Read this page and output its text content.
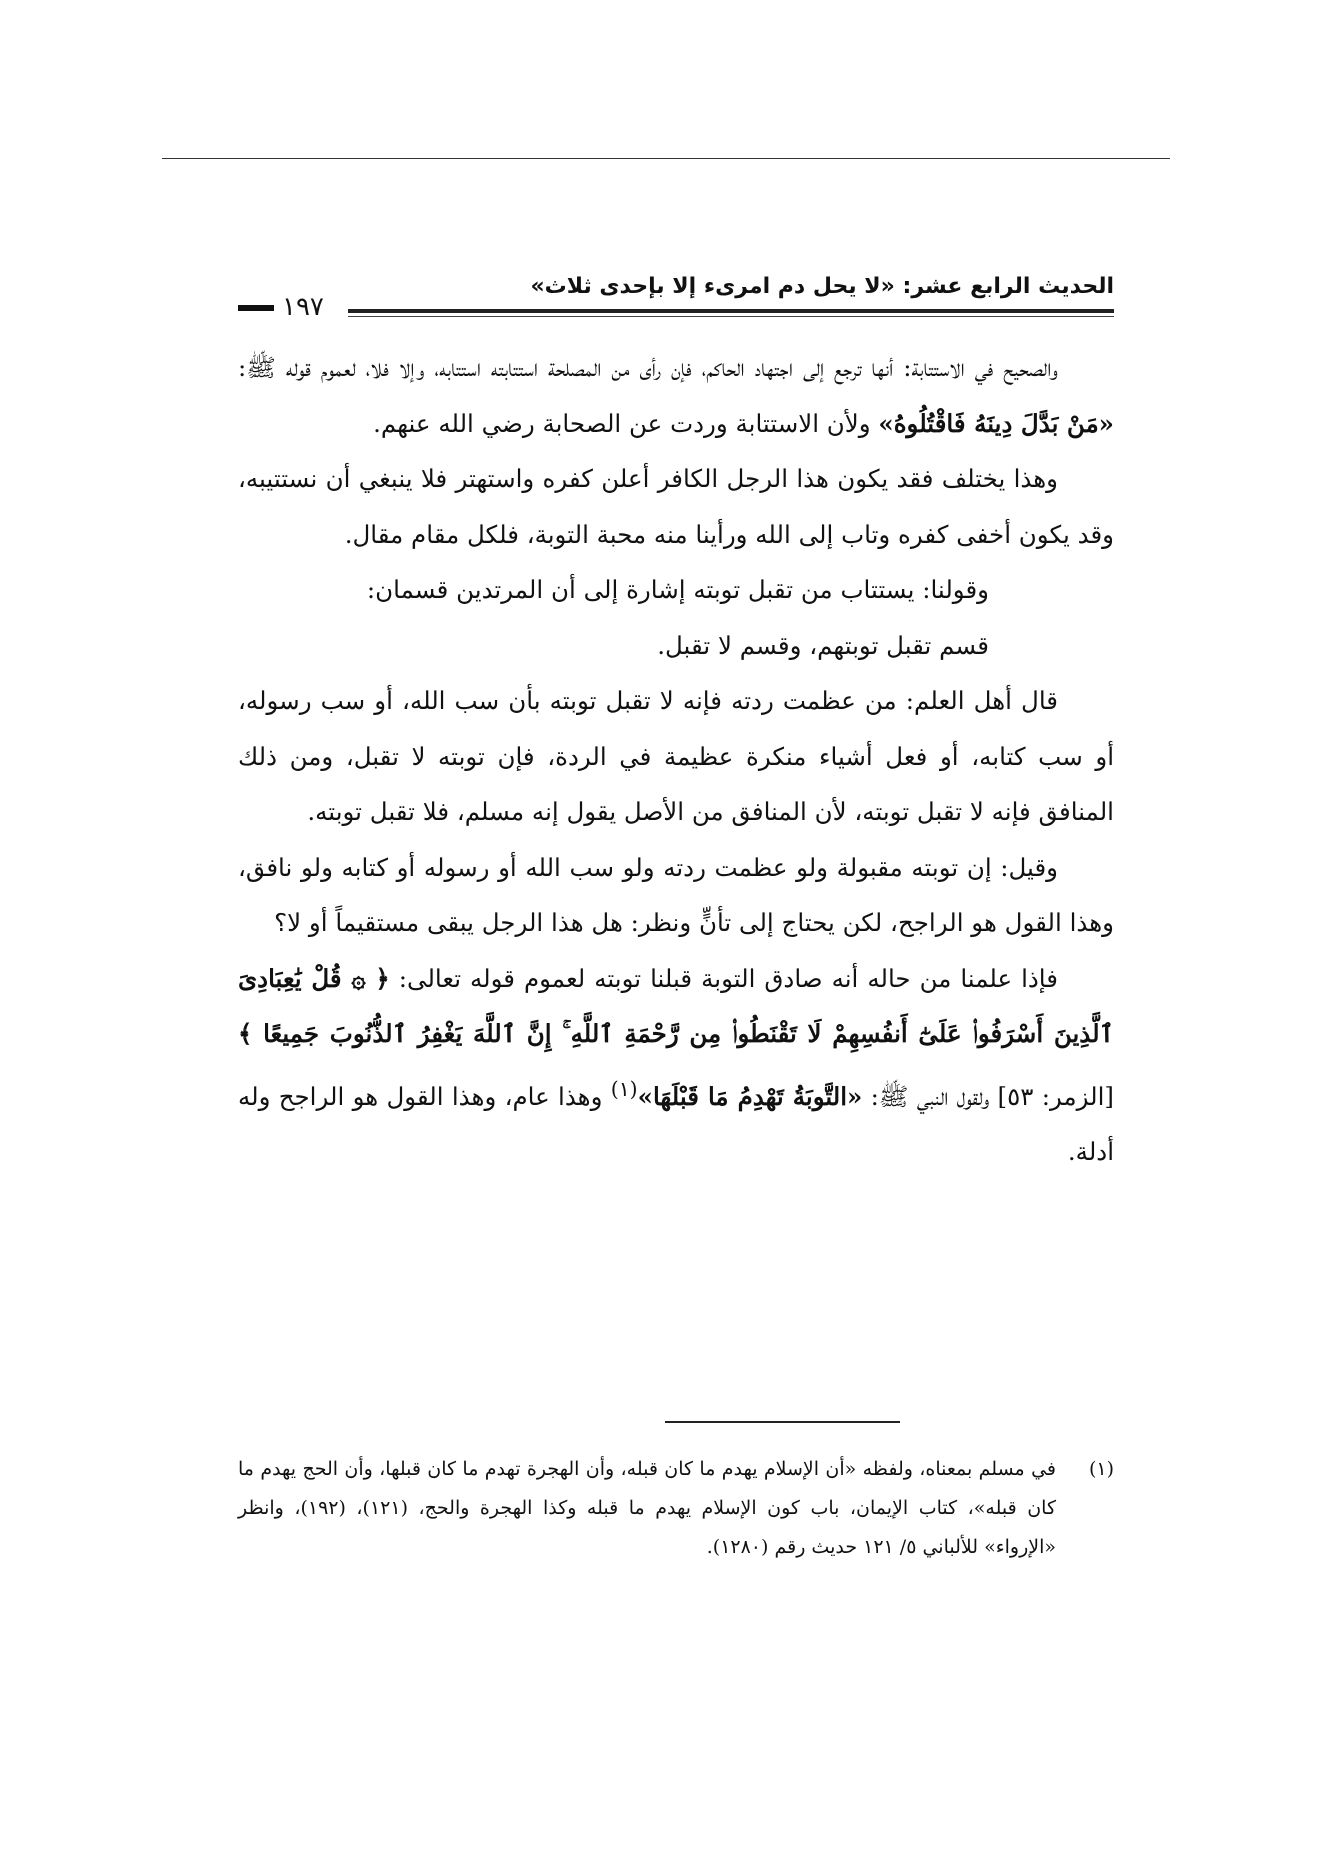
الحديث الرابع عشر: «لا يحل دم امرىء إلا بإحدى ثلاث»
١٩٧

والصحيح في الاستتابة: أنها ترجع إلى اجتهاد الحاكم، فإن رأى من المصلحة استتابته استتابه، وإلا فلا، لعموم قوله ﷺ: «مَنْ بَدَّلَ دِينَهُ فَاقْتُلُوهُ» ولأن الاستتابة وردت عن الصحابة رضي الله عنهم.

وهذا يختلف فقد يكون هذا الرجل الكافر أعلن كفره واستهتر فلا ينبغي أن نستتيبه، وقد يكون أخفى كفره وتاب إلى الله ورأينا منه محبة التوبة، فلكل مقام مقال.

وقولنا: يستتاب من تقبل توبته إشارة إلى أن المرتدين قسمان:

قسم تقبل توبتهم، وقسم لا تقبل.

قال أهل العلم: من عظمت ردته فإنه لا تقبل توبته بأن سب الله، أو سب رسوله، أو سب كتابه، أو فعل أشياء منكرة عظيمة في الردة، فإن توبته لا تقبل، ومن ذلك المنافق فإنه لا تقبل توبته، لأن المنافق من الأصل يقول إنه مسلم، فلا تقبل توبته.

وقيل: إن توبته مقبولة ولو عظمت ردته ولو سب الله أو رسوله أو كتابه ولو نافق، وهذا القول هو الراجح، لكن يحتاج إلى تأنٍّ ونظر: هل هذا الرجل يبقى مستقيماً أو لا؟

فإذا علمنا من حاله أنه صادق التوبة قبلنا توبته لعموم قوله تعالى: ﴿ ۞ قُلْ يَٰعِبَادِىَ ٱلَّذِينَ أَسْرَفُوا۟ عَلَىٰٓ أَنفُسِهِمْ لَا تَقْنَطُوا۟ مِن رَّحْمَةِ ٱللَّهِ ۚ إِنَّ ٱللَّهَ يَغْفِرُ ٱلذُّنُوبَ جَمِيعًا ﴾ [الزمر: ٥٣] ولقول النبي ﷺ: «التَّوبَةُ تَهْدِمُ مَا قَبْلَهَا»$^{(١)}$ وهذا عام، وهذا القول هو الراجح وله أدلة.

(١)
في مسلم بمعناه، ولفظه «أن الإسلام يهدم ما كان قبله، وأن الهجرة تهدم ما كان قبلها، وأن الحج يهدم ما كان قبله»، كتاب الإيمان، باب كون الإسلام يهدم ما قبله وكذا الهجرة والحج، (١٢١)، (١٩٢)، وانظر «الإرواء» للألباني ٥/ ١٢١ حديث رقم (١٢٨٠).
